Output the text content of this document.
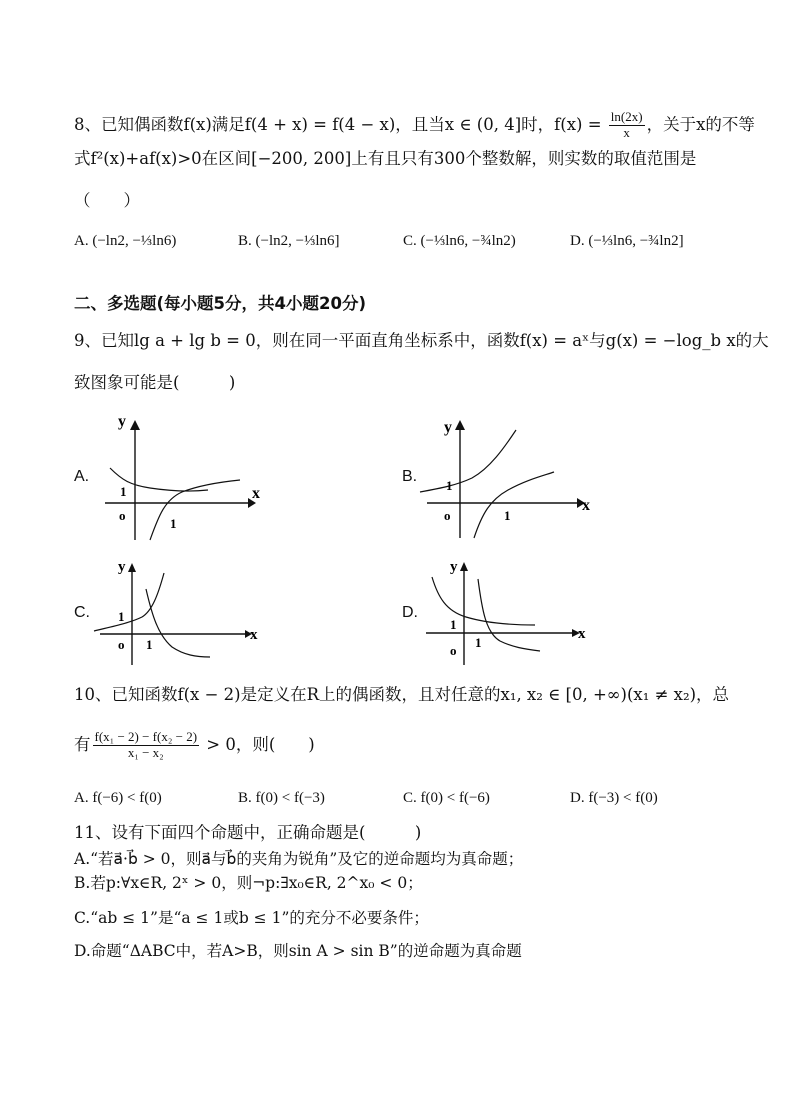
8、已知偶函数f(x)满足f(4 + x) = f(4 − x)，且当x ∈ (0, 4]时，$f(x) = \frac{\ln(2x)}{x}$ ，关于x的不等
式f²(x)+af(x)>0在区间[−200, 200]上有且只有300个整数解，则实数的取值范围是
（　　）
A. (−ln2, −⅓ln6)	B. (−ln2, −⅓ln6]	C. (−⅓ln6, −¾ln2)	D. (−⅓ln6, −¾ln2]
二、多选题(每小题5分，共4小题20分)
9、已知lg a + lg b = 0，则在同一平面直角坐标系中，函数f(x) = aˣ与g(x) = −log_b x的大
致图象可能是(　　　)
A.
y
x
1
o
1
B.
y
x
1
o	1
C.
y
x
1
o 1
D.
y
x
1
o
1
10、已知函数f(x − 2)是定义在R上的偶函数，且对任意的x₁, x₂ ∈ [0, +∞)(x₁ ≠ x₂)，总
有 $\frac{\text{f(x₁ − 2) − f(x₂ − 2)}}{\text{x₁ − x₂}} > 0$，则(　　)
A. f(−6) < f(0)	B. f(0) < f(−3)	C. f(0) < f(−6)	D. f(−3) < f(0)
11、设有下面四个命题中，正确命题是(　　　)
A.“若a⃗·b⃗ > 0，则a⃗与b⃗的夹角为锐角”及它的逆命题均为真命题；
B.若p:∀x∈R, 2ˣ > 0，则¬p:∃x₀∈R, 2^x₀ < 0；
C.“ab ≤ 1”是“a ≤ 1或b ≤ 1”的充分不必要条件；
D.命题“ΔABC中，若A>B，则sin A > sin B”的逆命题为真命题
